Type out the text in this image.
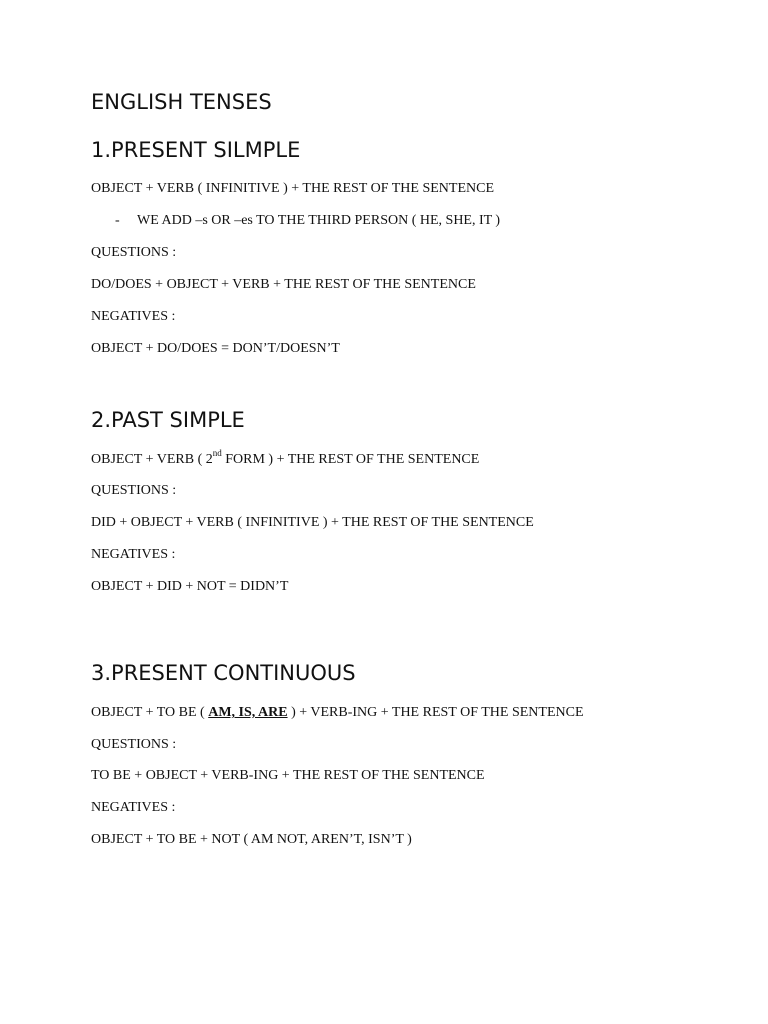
ENGLISH TENSES
1.PRESENT SILMPLE
OBJECT + VERB ( INFINITIVE ) + THE REST OF THE SENTENCE
- WE ADD –s OR –es TO THE THIRD PERSON ( HE, SHE, IT )
QUESTIONS :
DO/DOES + OBJECT + VERB + THE REST OF THE SENTENCE
NEGATIVES :
OBJECT + DO/DOES = DON’T/DOESN’T
2.PAST SIMPLE
OBJECT + VERB ( 2nd FORM ) + THE REST OF THE SENTENCE
QUESTIONS :
DID + OBJECT + VERB ( INFINITIVE ) + THE REST OF THE SENTENCE
NEGATIVES :
OBJECT + DID + NOT = DIDN’T
3.PRESENT CONTINUOUS
OBJECT + TO BE ( AM, IS, ARE ) + VERB-ING + THE REST OF THE SENTENCE
QUESTIONS :
TO BE + OBJECT + VERB-ING + THE REST OF THE SENTENCE
NEGATIVES :
OBJECT + TO BE + NOT ( AM NOT, AREN’T, ISN’T )
